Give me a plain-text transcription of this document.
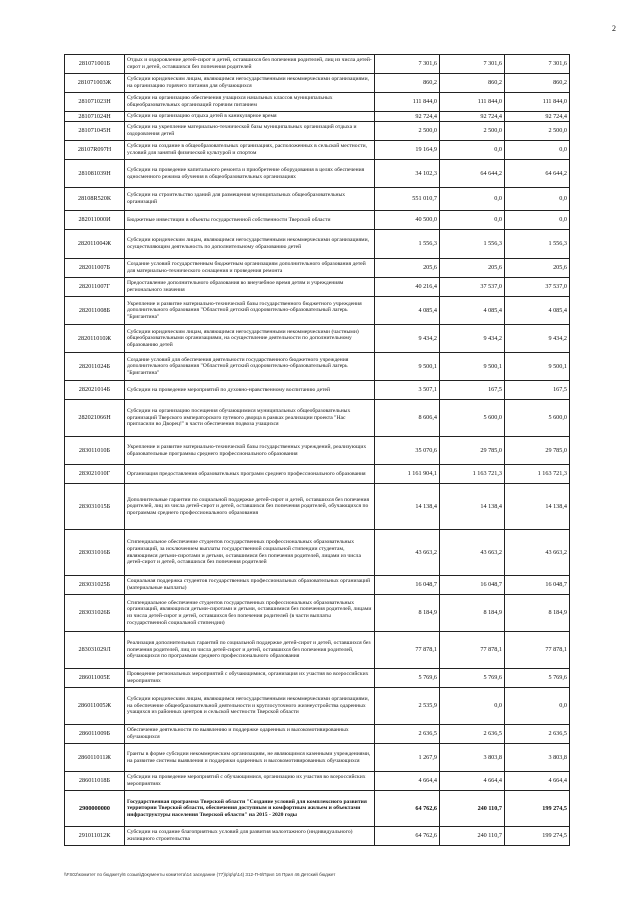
2
281071001Б	Отдых и оздоровление детей-сирот и детей, оставшихся без попечения родителей, лиц из числа детей-сирот и детей, оставшихся без попечения родителей	7 301,6	7 301,6	7 301,6
281071003Ж	Субсидии юридическим лицам, являющимся негосударственными некоммерческими организациями, на организацию горячего питания для обучающихся	860,2	860,2	860,2
281071023Н	Субсидии на организацию обеспечения учащихся начальных классов муниципальных общеобразовательных организаций горячим питанием	111 844,0	111 844,0	111 844,0
281071024Н	Субсидии на организацию отдыха детей в каникулярное время	92 724,4	92 724,4	92 724,4
281071045Н	Субсидии на укрепление материально-технической базы муниципальных организаций отдыха и оздоровления детей	2 500,0	2 500,0	2 500,0
28107R097Н	Субсидии на создание в общеобразовательных организациях, расположенных в сельской местности, условий для занятий физической культурой и спортом	19 164,9	0,0	0,0
281081039Н	Субсидии на проведение капитального ремонта и приобретение оборудования в целях обеспечения односменного режима обучения в общеобразовательных организациях	34 102,3	64 644,2	64 644,2
28108R520К	Субсидии на строительство зданий для размещения муниципальных общеобразовательных организаций	551 010,7	0,0	0,0
282011000И	Бюджетные инвестиции в объекты государственной собственности Тверской области	40 500,0	0,0	0,0
282011004Ж	Субсидии юридическим лицам, являющимся негосударственными некоммерческими организациями, осуществляющим деятельность по дополнительному образованию детей	1 556,3	1 556,3	1 556,3
282011007Б	Создание условий государственным бюджетным организациям дополнительного образования детей для материально-технического оснащения и проведения ремонта	205,6	205,6	205,6
282011007Г	Предоставление дополнительного образования во внеучебное время детям и учреждениям регионального значения	40 216,4	37 537,0	37 537,0
282011008Б	Укрепление и развитие материально-технической базы государственного бюджетного учреждения дополнительного образования "Областной детский оздоровительно-образовательный лагерь "Бригантина"	4 085,4	4 085,4	4 085,4
282011010Ж	Субсидии юридическим лицам, являющимся негосударственными некоммерческими (частными) общеобразовательными организациями, на осуществление деятельности по дополнительному образованию детей	9 434,2	9 434,2	9 434,2
282011024Б	Создание условий для обеспечения деятельности государственного бюджетного учреждения дополнительного образования "Областной детский оздоровительно-образовательный лагерь "Бригантина"	9 500,1	9 500,1	9 500,1
282021014Б	Субсидии на проведение мероприятий по духовно-нравственному воспитанию детей	3 507,1	167,5	167,5
282021066Н	Субсидии на организацию посещения обучающимися муниципальных общеобразовательных организаций Тверского императорского путевого дворца в рамках реализации проекта "Нас пригласили во Дворец!" в части обеспечения подвоза учащихся	8 606,4	5 600,0	5 600,0
283011010Б	Укрепление и развитие материально-технической базы государственных учреждений, реализующих образовательные программы среднего профессионального образования	35 070,6	29 785,0	29 785,0
283021010Г	Организация предоставления образовательных программ среднего профессионального образования	1 161 904,1	1 163 721,3	1 163 721,3
283031015Б	Дополнительные гарантии по социальной поддержке детей-сирот и детей, оставшихся без попечения родителей, лиц из числа детей-сирот и детей, оставшихся без попечения родителей, обучающихся по программам среднего профессионального образования	14 138,4	14 138,4	14 138,4
283031016Б	Стипендиальное обеспечение студентов государственных профессиональных образовательных организаций, за исключением выплаты государственной социальной стипендии студентам, являющимся детьми-сиротами и детьми, оставшимися без попечения родителей, лицами из числа детей-сирот и детей, оставшихся без попечения родителей	43 663,2	43 663,2	43 663,2
283031025Б	Социальная поддержка студентов государственных профессиональных образовательных организаций (материальные выплаты)	16 048,7	16 048,7	16 048,7
283031026Б	Стипендиальное обеспечение студентов государственных профессиональных образовательных организаций, являющихся детьми-сиротами и детьми, оставшимися без попечения родителей, лицами из числа детей-сирот и детей, оставшихся без попечения родителей (в части выплаты государственной социальной стипендии)	8 184,9	8 184,9	8 184,9
283031029Л	Реализация дополнительных гарантий по социальной поддержке детей-сирот и детей, оставшихся без попечения родителей, лиц из числа детей-сирот и детей, оставшихся без попечения родителей, обучающихся по программам среднего профессионального образования	77 878,1	77 878,1	77 878,1
286011005Е	Проведение региональных мероприятий с обучающимися, организация их участия во всероссийских мероприятиях	5 769,6	5 769,6	5 769,6
286011005Ж	Субсидии юридическим лицам, являющимся негосударственными некоммерческими организациями, на обеспечение общеобразовательной деятельности и круглосуточного жизнеустройства одаренных учащихся из районных центров и сельской местности Тверской области	2 535,9	0,0	0,0
286011009Б	Обеспечение деятельности по выявлению и поддержке одаренных и высокомотивированных обучающихся	2 636,5	2 636,5	2 636,5
286011011Ж	Гранты в форме субсидии некоммерческим организациям, не являющимся казенными учреждениями, на развитие системы выявления и поддержки одаренных и высокомотивированных обучающихся	1 267,9	3 803,8	3 803,8
286011018Б	Субсидии на проведение мероприятий с обучающимися, организацию их участия во всероссийских мероприятиях	4 664,4	4 664,4	4 664,4
2900000000	Государственная программа Тверской области "Создание условий для комплексного развития территории Тверской области, обеспечения доступным и комфортным жильем и объектами инфраструктуры населения Тверской области" на 2015 - 2020 годы	64 762,6	240 110,7	199 274,5
291011012К	Субсидии на создание благоприятных условий для развития малоэтажного (индивидуального) жилищного строительства	64 762,6	240 110,7	199 274,5
\\FS02\комитет по бюджету\6 созыв\Документы комитета\14 заседание (77)\р\р\р\14) 312-П-6\Прил 16 Прил 46 Детский бюджет
